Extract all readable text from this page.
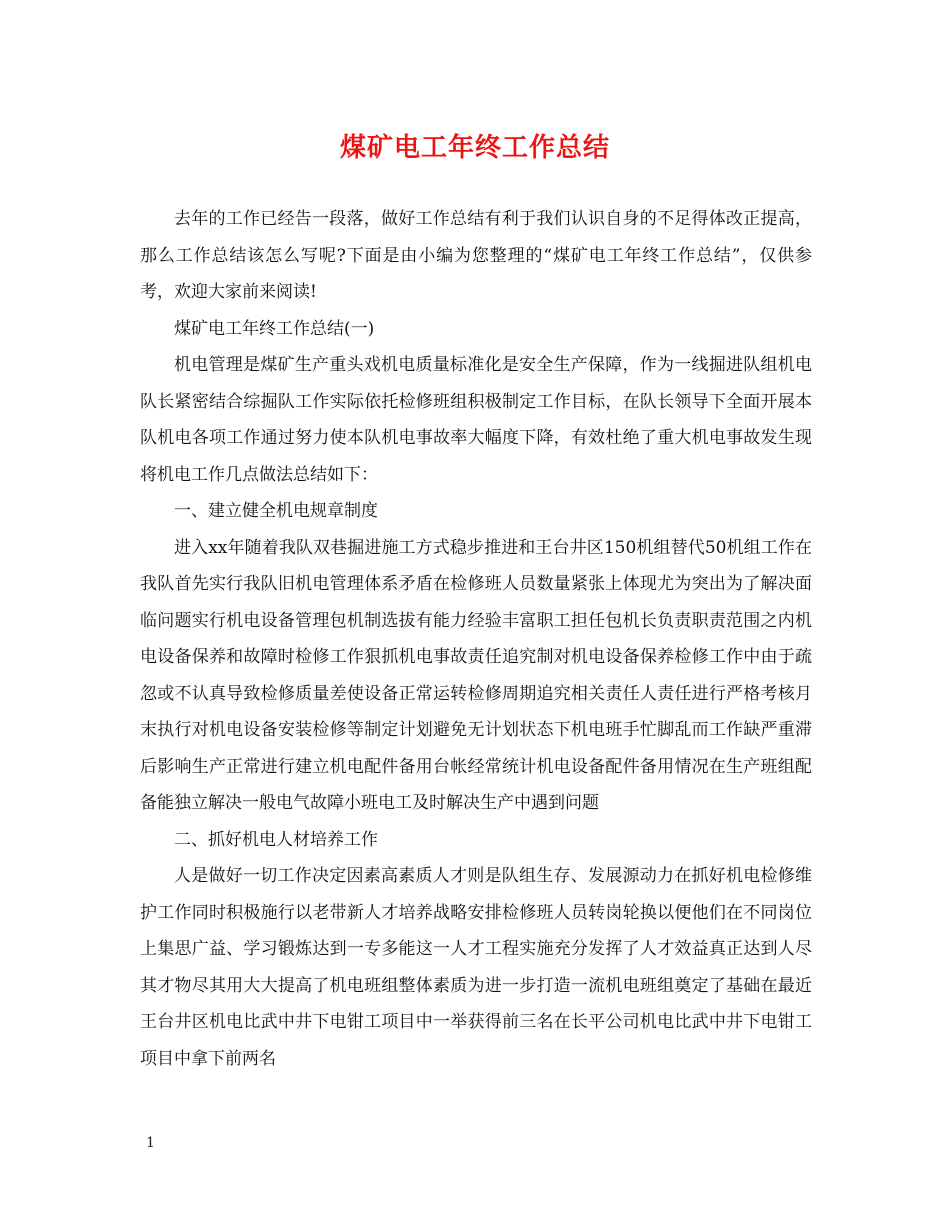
煤矿电工年终工作总结

去年的工作已经告一段落，做好工作总结有利于我们认识自身的不足得体改正提高，那么工作总结该怎么写呢?下面是由小编为您整理的“煤矿电工年终工作总结”，仅供参考，欢迎大家前来阅读!

煤矿电工年终工作总结(一)

机电管理是煤矿生产重头戏机电质量标准化是安全生产保障，作为一线掘进队组机电队长紧密结合综掘队工作实际依托检修班组积极制定工作目标，在队长领导下全面开展本队机电各项工作通过努力使本队机电事故率大幅度下降，有效杜绝了重大机电事故发生现将机电工作几点做法总结如下：

一、建立健全机电规章制度

进入xx年随着我队双巷掘进施工方式稳步推进和王台井区150机组替代50机组工作在我队首先实行我队旧机电管理体系矛盾在检修班人员数量紧张上体现尤为突出为了解决面临问题实行机电设备管理包机制选拔有能力经验丰富职工担任包机长负责职责范围之内机电设备保养和故障时检修工作狠抓机电事故责任追究制对机电设备保养检修工作中由于疏忽或不认真导致检修质量差使设备正常运转检修周期追究相关责任人责任进行严格考核月末执行对机电设备安装检修等制定计划避免无计划状态下机电班手忙脚乱而工作缺严重滞后影响生产正常进行建立机电配件备用台帐经常统计机电设备配件备用情况在生产班组配备能独立解决一般电气故障小班电工及时解决生产中遇到问题

二、抓好机电人材培养工作

人是做好一切工作决定因素高素质人才则是队组生存、发展源动力在抓好机电检修维护工作同时积极施行以老带新人才培养战略安排检修班人员转岗轮换以便他们在不同岗位上集思广益、学习锻炼达到一专多能这一人才工程实施充分发挥了人才效益真正达到人尽其才物尽其用大大提高了机电班组整体素质为进一步打造一流机电班组奠定了基础在最近王台井区机电比武中井下电钳工项目中一举获得前三名在长平公司机电比武中井下电钳工项目中拿下前两名

1
